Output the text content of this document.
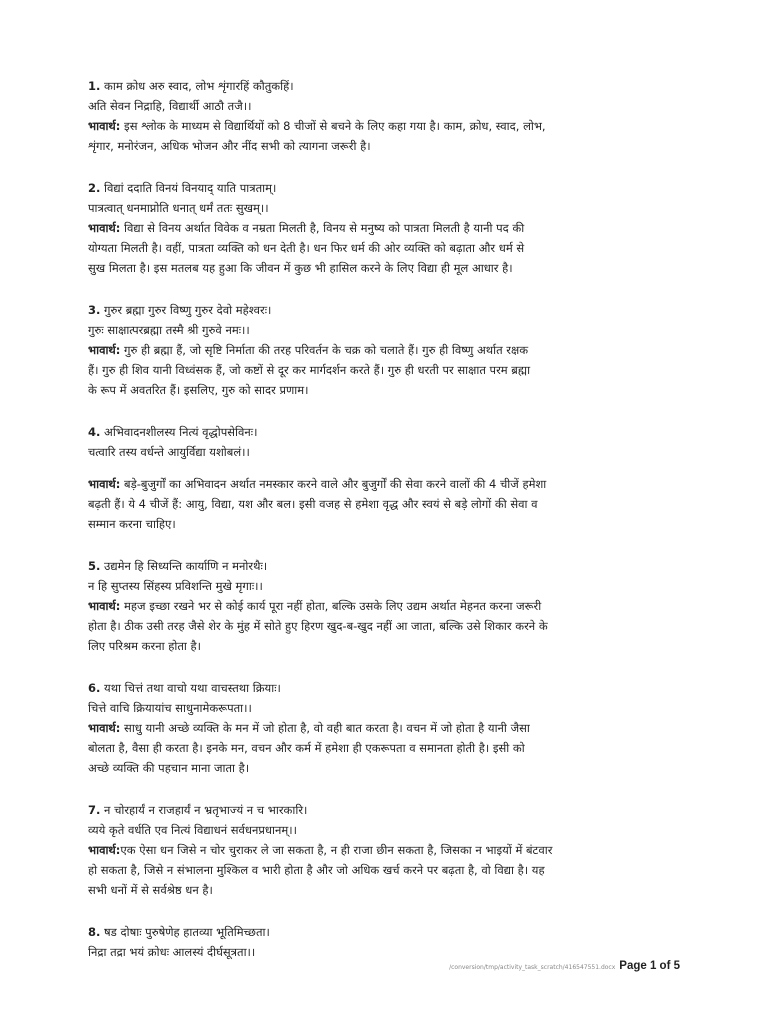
1. काम क्रोध अरु स्वाद, लोभ शृंगारहिं कौतुकहिं।
अति सेवन निद्राहि, विद्यार्थी आठौ तजै।।
भावार्थ: इस श्लोक के माध्यम से विद्यार्थियों को 8 चीजों से बचने के लिए कहा गया है। काम, क्रोध, स्वाद, लोभ,
शृंगार, मनोरंजन, अधिक भोजन और नींद सभी को त्यागना जरूरी है।
2. विद्यां ददाति विनयं विनयाद् याति पात्रताम्।
पात्रत्वात् धनमाप्नोति धनात् धर्मं ततः सुखम्।।
भावार्थ: विद्या से विनय अर्थात विवेक व नम्रता मिलती है, विनय से मनुष्य को पात्रता मिलती है यानी पद की
योग्यता मिलती है। वहीं, पात्रता व्यक्ति को धन देती है। धन फिर धर्म की ओर व्यक्ति को बढ़ाता और धर्म से
सुख मिलता है। इस मतलब यह हुआ कि जीवन में कुछ भी हासिल करने के लिए विद्या ही मूल आधार है।
3. गुरुर ब्रह्मा गुरुर विष्णु गुरुर देवो महेश्वरः।
गुरुः साक्षात्परब्रह्मा तस्मै श्री गुरुवे नमः।।
भावार्थ: गुरु ही ब्रह्मा हैं, जो सृष्टि निर्माता की तरह परिवर्तन के चक्र को चलाते हैं। गुरु ही विष्णु अर्थात रक्षक
हैं। गुरु ही शिव यानी विध्वंसक हैं, जो कष्टों से दूर कर मार्गदर्शन करते हैं। गुरु ही धरती पर साक्षात परम ब्रह्मा
के रूप में अवतरित हैं। इसलिए, गुरु को सादर प्रणाम।
4. अभिवादनशीलस्य नित्यं वृद्धोपसेविनः।
चत्वारि तस्य वर्धन्ते आयुर्विद्या यशोबलं।।
भावार्थ: बड़े-बुजुर्गों का अभिवादन अर्थात नमस्कार करने वाले और बुजुर्गों की सेवा करने वालों की 4 चीजें हमेशा
बढ़ती हैं। ये 4 चीजें हैं: आयु, विद्या, यश और बल। इसी वजह से हमेशा वृद्ध और स्वयं से बड़े लोगों की सेवा व
सम्मान करना चाहिए।
5. उद्यमेन हि सिध्यन्ति कार्याणि न मनोरथैः।
न हि सुप्तस्य सिंहस्य प्रविशन्ति मुखे मृगाः।।
भावार्थ: महज इच्छा रखने भर से कोई कार्य पूरा नहीं होता, बल्कि उसके लिए उद्यम अर्थात मेहनत करना जरूरी
होता है। ठीक उसी तरह जैसे शेर के मुंह में सोते हुए हिरण खुद-ब-खुद नहीं आ जाता, बल्कि उसे शिकार करने के
लिए परिश्रम करना होता है।
6. यथा चित्तं तथा वाचो यथा वाचस्तथा क्रियाः।
चित्ते वाचि क्रियायांच साधुनामेकरूपता।।
भावार्थ: साधु यानी अच्छे व्यक्ति के मन में जो होता है, वो वही बात करता है। वचन में जो होता है यानी जैसा
बोलता है, वैसा ही करता है। इनके मन, वचन और कर्म में हमेशा ही एकरूपता व समानता होती है। इसी को
अच्छे व्यक्ति की पहचान माना जाता है।
7. न चोरहार्यं न राजहार्यं न भ्रतृभाज्यं न च भारकारि।
व्यये कृते वर्धति एव नित्यं विद्याधनं सर्वधनप्रधानम्।।
भावार्थ:एक ऐसा धन जिसे न चोर चुराकर ले जा सकता है, न ही राजा छीन सकता है, जिसका न भाइयों में बंटवार
हो सकता है, जिसे न संभालना मुश्किल व भारी होता है और जो अधिक खर्च करने पर बढ़ता है, वो विद्या है। यह
सभी धनों में से सर्वश्रेष्ठ धन है।
8. षड दोषाः पुरुषेणेह हातव्या भूतिमिच्छता।
निद्रा तद्रा भयं क्रोधः आलस्यं दीर्घसूत्रता।।
/conversion/tmp/activity_task_scratch/416547551.docx Page 1 of 5
